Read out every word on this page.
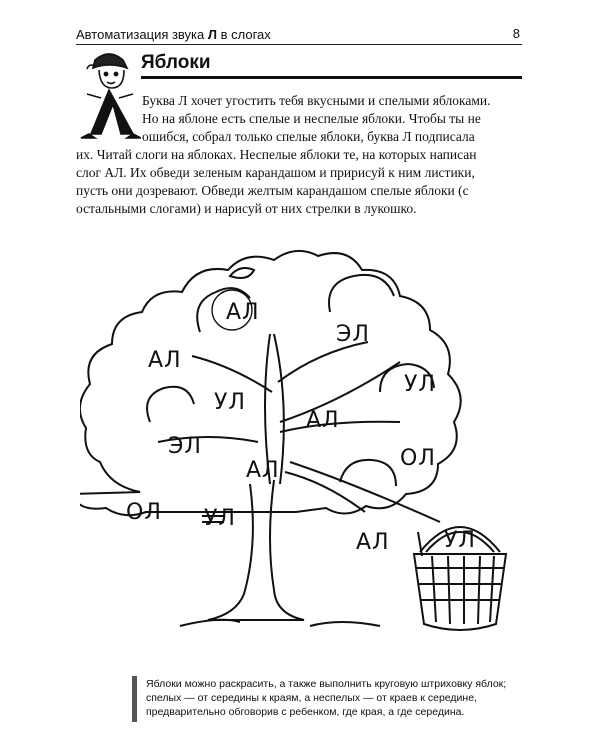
Автоматизация звука Л в слогах	8
Яблоки
Буква Л хочет угостить тебя вкусными и спелыми яблоками.
Но на яблоне есть спелые и неспелые яблоки. Чтобы ты не
ошибся, собрал только спелые яблоки, буква Л подписала
их. Читай слоги на яблоках. Неспелые яблоки те, на которых написан
слог АЛ. Их обведи зеленым карандашом и пририсуй к ним листики,
пусть они дозревают. Обведи желтым карандашом спелые яблоки (с
остальными слогами) и нарисуй от них стрелки в лукошко.
АЛ
ЭЛ
АЛ
УЛ
УЛ
АЛ
ЭЛ	ОЛ
АЛ
ОЛ УЛ
АЛ УЛ
Яблоки можно раскрасить, а также выполнить круговую штриховку яблок; спелых — от середины к краям, а неспелых — от краев к середине, предварительно обговорив с ребенком, где края, а где середина.
